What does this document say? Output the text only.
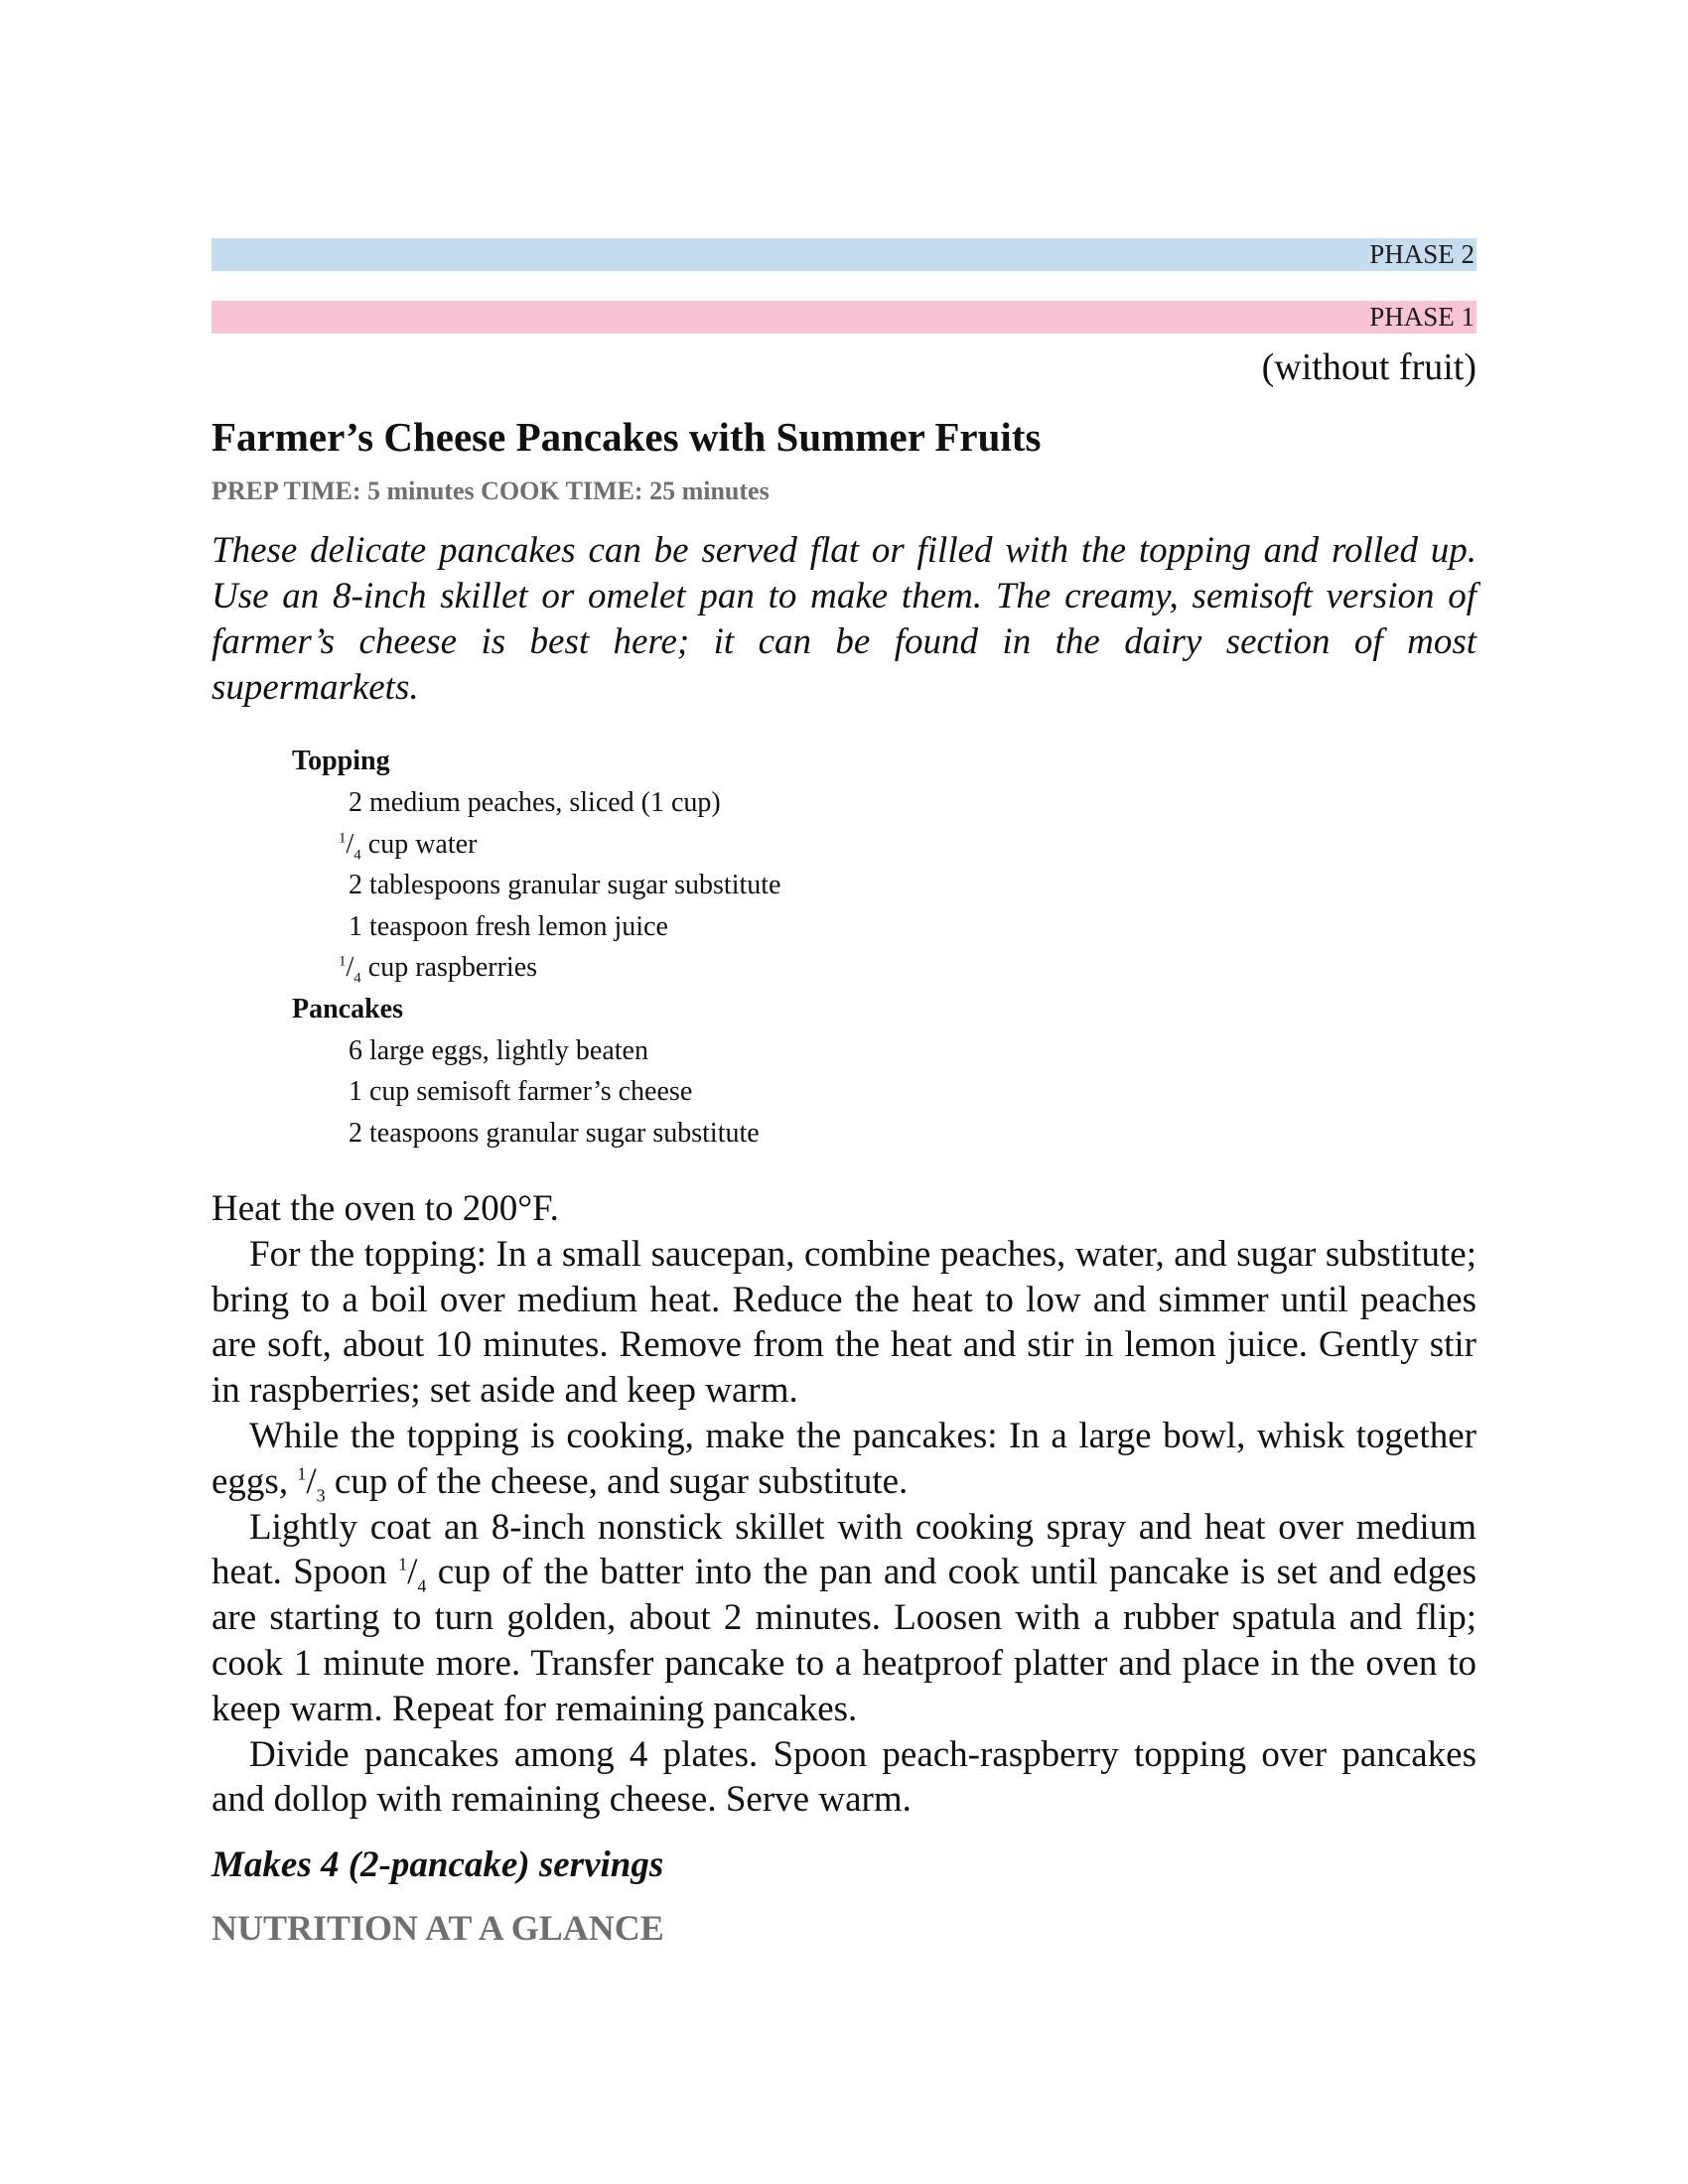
PHASE 2
PHASE 1
(without fruit)
Farmer’s Cheese Pancakes with Summer Fruits
PREP TIME: 5 minutes COOK TIME: 25 minutes

These delicate pancakes can be served flat or filled with the topping and rolled up. Use an 8-inch skillet or omelet pan to make them. The creamy, semisoft version of farmer’s cheese is best here; it can be found in the dairy section of most supermarkets.

Topping
2 medium peaches, sliced (1 cup)
$^1/_4$ cup water
2 tablespoons granular sugar substitute
1 teaspoon fresh lemon juice
$^1/_4$ cup raspberries
Pancakes
6 large eggs, lightly beaten
1 cup semisoft farmer’s cheese
2 teaspoons granular sugar substitute

Heat the oven to 200°F.

For the topping: In a small saucepan, combine peaches, water, and sugar substitute; bring to a boil over medium heat. Reduce the heat to low and simmer until peaches are soft, about 10 minutes. Remove from the heat and stir in lemon juice. Gently stir in raspberries; set aside and keep warm.

While the topping is cooking, make the pancakes: In a large bowl, whisk together eggs, $^1/_3$ cup of the cheese, and sugar substitute.

Lightly coat an 8-inch nonstick skillet with cooking spray and heat over medium heat. Spoon $^1/_4$ cup of the batter into the pan and cook until pancake is set and edges are starting to turn golden, about 2 minutes. Loosen with a rubber spatula and flip; cook 1 minute more. Transfer pancake to a heatproof platter and place in the oven to keep warm. Repeat for remaining pancakes.

Divide pancakes among 4 plates. Spoon peach-raspberry topping over pancakes and dollop with remaining cheese. Serve warm.

Makes 4 (2-pancake) servings
NUTRITION AT A GLANCE
